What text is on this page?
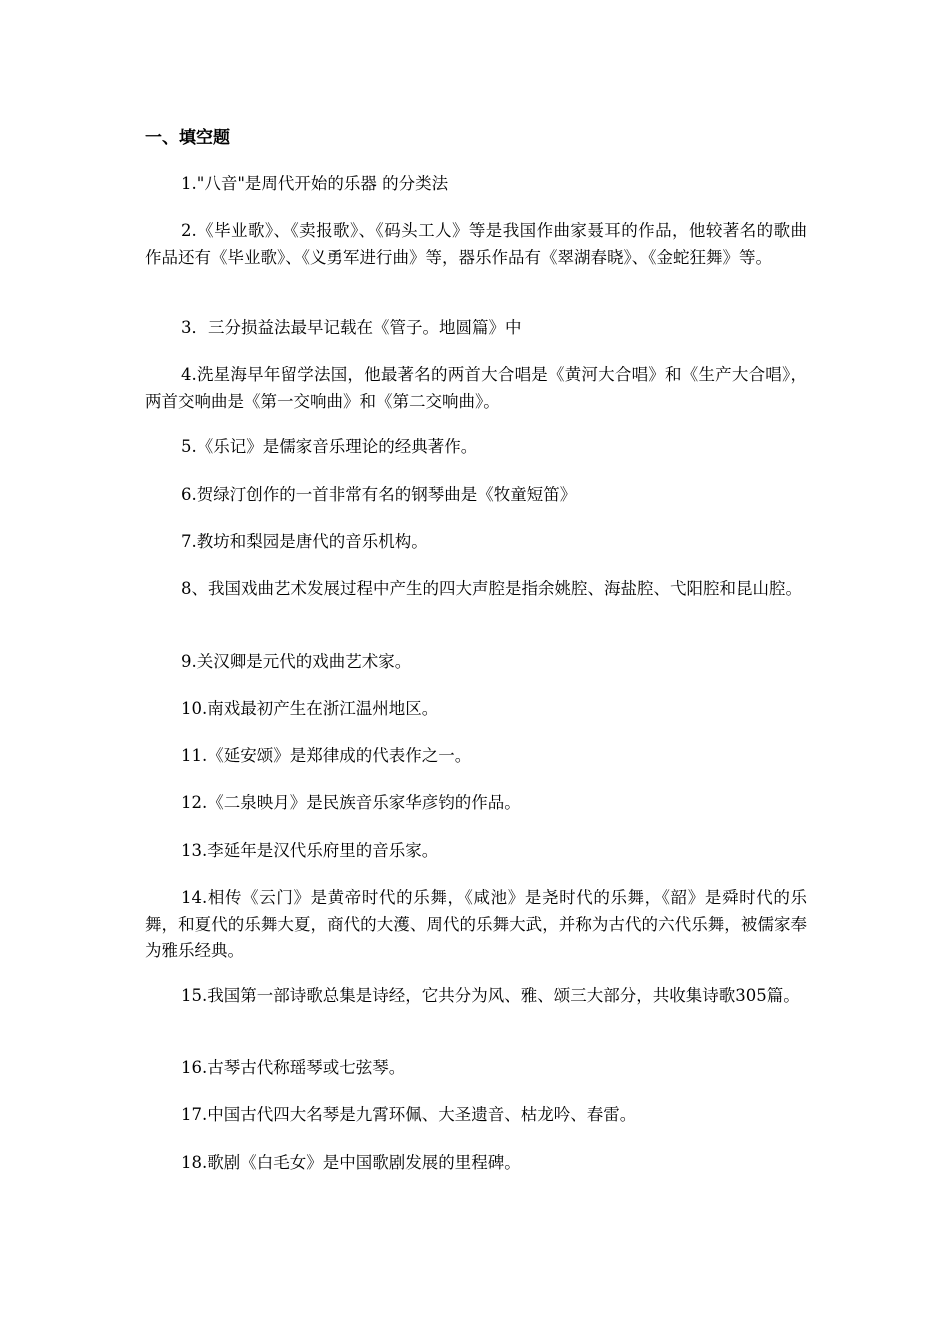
一、填空题

1."八音"是周代开始的乐器 的分类法

2.《毕业歌》、《卖报歌》、《码头工人》等是我国作曲家聂耳的作品，他较著名的歌曲作品还有《毕业歌》、《义勇军进行曲》等，器乐作品有《翠湖春晓》、《金蛇狂舞》等。

3．三分损益法最早记载在《管子。地圆篇》中

4.洗星海早年留学法国，他最著名的两首大合唱是《黄河大合唱》和《生产大合唱》，两首交响曲是《第一交响曲》和《第二交响曲》。

5.《乐记》是儒家音乐理论的经典著作。

6.贺绿汀创作的一首非常有名的钢琴曲是《牧童短笛》

7.教坊和梨园是唐代的音乐机构。

8、我国戏曲艺术发展过程中产生的四大声腔是指余姚腔、海盐腔、弋阳腔和昆山腔。

9.关汉卿是元代的戏曲艺术家。

10.南戏最初产生在浙江温州地区。

11.《延安颂》是郑律成的代表作之一。

12.《二泉映月》是民族音乐家华彦钧的作品。

13.李延年是汉代乐府里的音乐家。

14.相传《云门》是黄帝时代的乐舞，《咸池》是尧时代的乐舞，《韶》是舜时代的乐舞，和夏代的乐舞大夏，商代的大濩、周代的乐舞大武，并称为古代的六代乐舞，被儒家奉为雅乐经典。

15.我国第一部诗歌总集是诗经，它共分为风、雅、颂三大部分，共收集诗歌305篇。

16.古琴古代称瑶琴或七弦琴。

17.中国古代四大名琴是九霄环佩、大圣遗音、枯龙吟、春雷。

18.歌剧《白毛女》是中国歌剧发展的里程碑。
